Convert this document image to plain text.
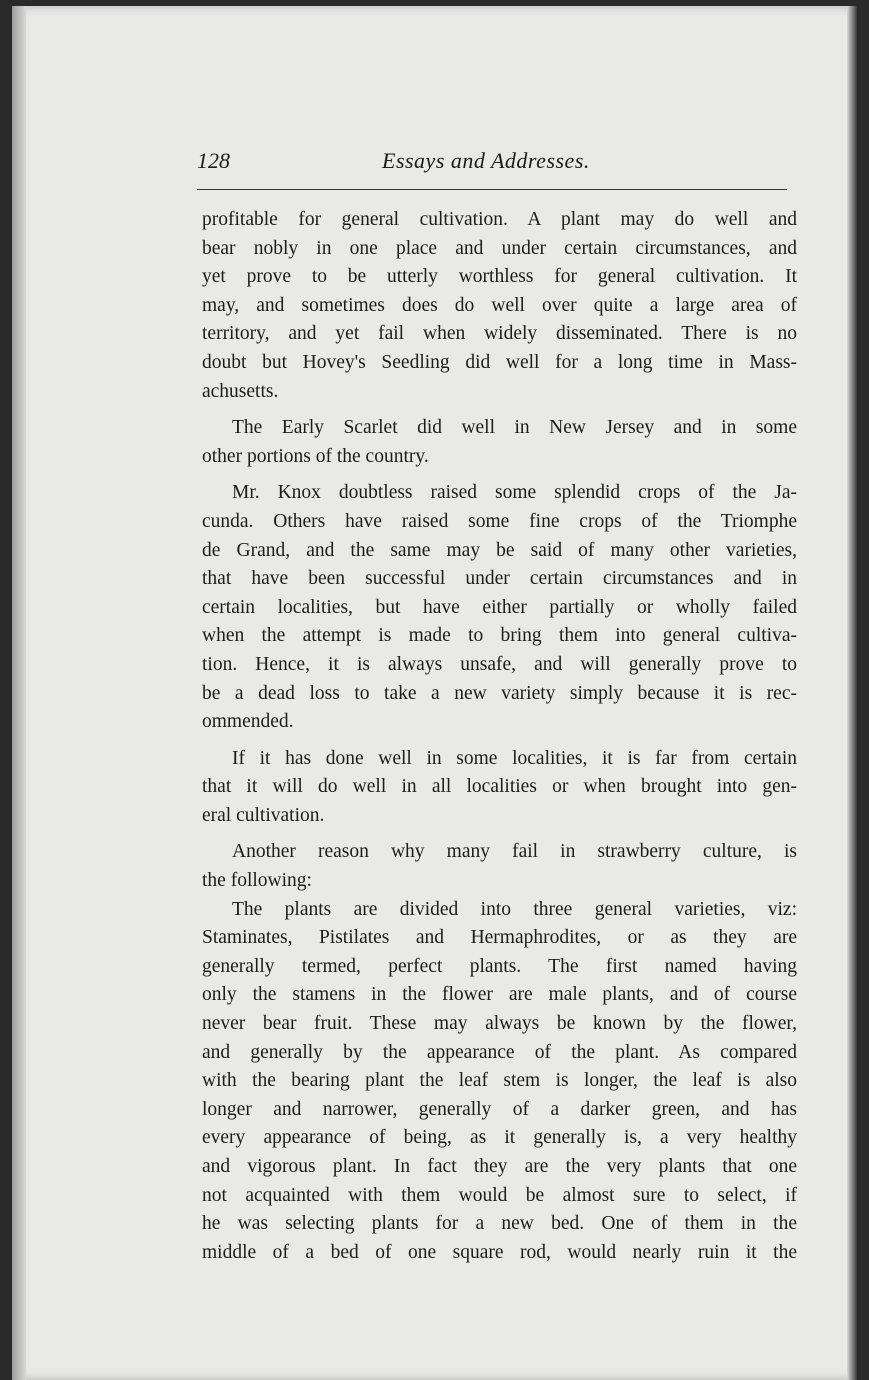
128	Essays and Addresses.
profitable for general cultivation. A plant may do well and
bear nobly in one place and under certain circumstances, and
yet prove to be utterly worthless for general cultivation. It
may, and sometimes does do well over quite a large area of
territory, and yet fail when widely disseminated. There is no
doubt but Hovey's Seedling did well for a long time in Mass-
achusetts.
The Early Scarlet did well in New Jersey and in some
other portions of the country.
Mr. Knox doubtless raised some splendid crops of the Ja-
cunda. Others have raised some fine crops of the Triomphe
de Grand, and the same may be said of many other varieties,
that have been successful under certain circumstances and in
certain localities, but have either partially or wholly failed
when the attempt is made to bring them into general cultiva-
tion. Hence, it is always unsafe, and will generally prove to
be a dead loss to take a new variety simply because it is rec-
ommended.
If it has done well in some localities, it is far from certain
that it will do well in all localities or when brought into gen-
eral cultivation.
Another reason why many fail in strawberry culture, is
the following:
The plants are divided into three general varieties, viz:
Staminates, Pistilates and Hermaphrodites, or as they are
generally termed, perfect plants. The first named having
only the stamens in the flower are male plants, and of course
never bear fruit. These may always be known by the flower,
and generally by the appearance of the plant. As compared
with the bearing plant the leaf stem is longer, the leaf is also
longer and narrower, generally of a darker green, and has
every appearance of being, as it generally is, a very healthy
and vigorous plant. In fact they are the very plants that one
not acquainted with them would be almost sure to select, if
he was selecting plants for a new bed. One of them in the
middle of a bed of one square rod, would nearly ruin it the
